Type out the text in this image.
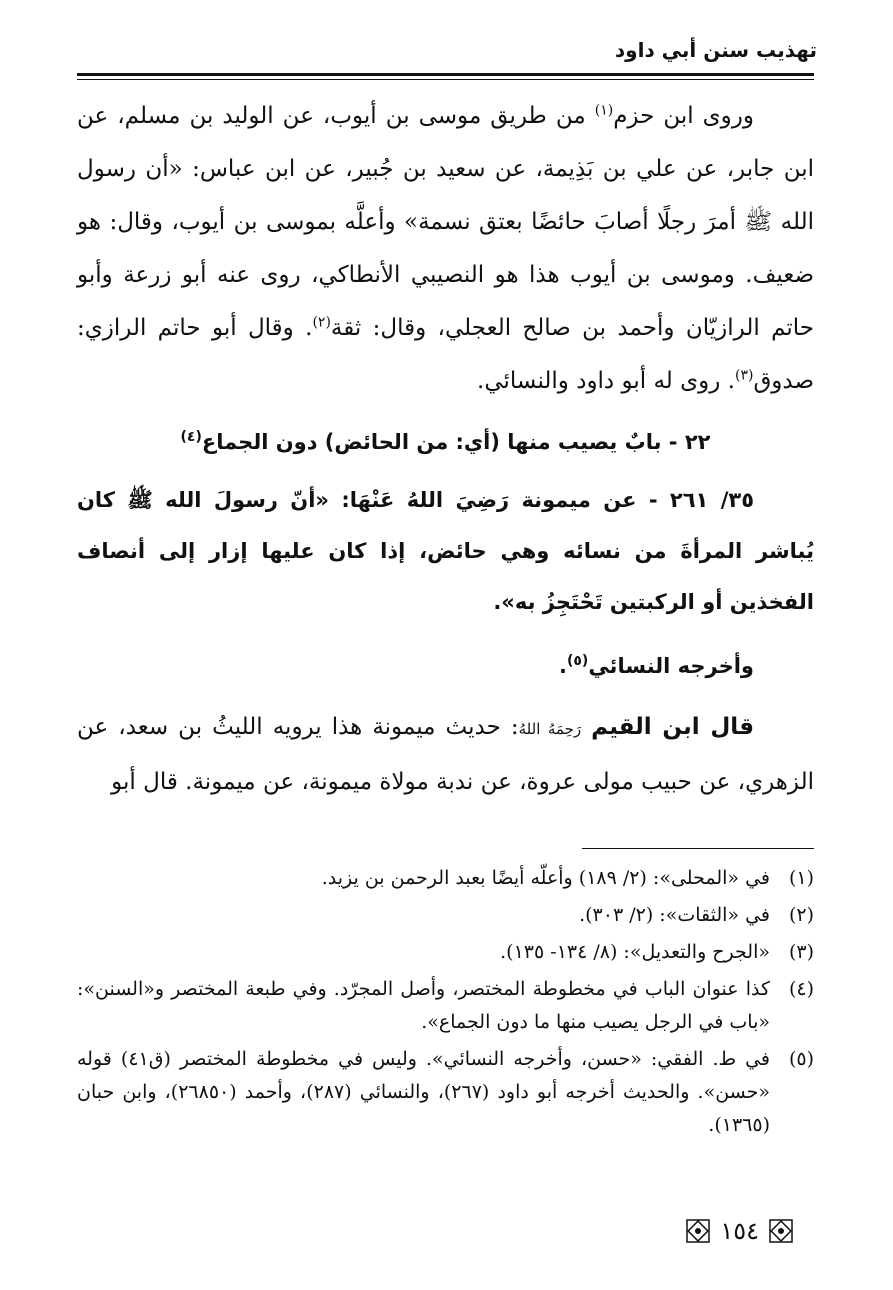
تهذيب سنن أبي داود

وروى ابن حزم$^{(١)}$ من طريق موسى بن أيوب، عن الوليد بن مسلم، عن ابن جابر، عن علي بن بَذِيمة، عن سعيد بن جُبير، عن ابن عباس: «أن رسول الله ﷺ أمرَ رجلًا أصابَ حائضًا بعتق نسمة» وأعلَّه بموسى بن أيوب، وقال: هو ضعيف. وموسى بن أيوب هذا هو النصيبي الأنطاكي، روى عنه أبو زرعة وأبو حاتم الرازيّان وأحمد بن صالح العجلي، وقال: ثقة$^{(٢)}$. وقال أبو حاتم الرازي: صدوق$^{(٣)}$. روى له أبو داود والنسائي.

٢٢ - بابٌ يصيب منها (أي: من الحائض) دون الجماع$^{(٤)}$

٣٥/ ٢٦١ - عن ميمونة رَضِيَ اللهُ عَنْهَا: «أنّ رسولَ الله ﷺ كان يُباشر المرأةَ من نسائه وهي حائض، إذا كان عليها إزار إلى أنصاف الفخذين أو الركبتين تَحْتَجِزُ به».

وأخرجه النسائي$^{(٥)}$.

قال ابن القيم رَحِمَهُ اللهُ: حديث ميمونة هذا يرويه الليثُ بن سعد، عن الزهري، عن حبيب مولى عروة، عن ندبة مولاة ميمونة، عن ميمونة. قال أبو

(١)
في «المحلى»: (٢/ ١٨٩) وأعلّه أيضًا بعبد الرحمن بن يزيد.
(٢)
في «الثقات»: (٢/ ٣٠٣).
(٣)
«الجرح والتعديل»: (٨/ ١٣٤- ١٣٥).
(٤)
كذا عنوان الباب في مخطوطة المختصر، وأصل المجرّد. وفي طبعة المختصر و«السنن»: «باب في الرجل يصيب منها ما دون الجماع».
(٥)
في ط. الفقي: «حسن، وأخرجه النسائي». وليس في مخطوطة المختصر (ق٤١) قوله «حسن». والحديث أخرجه أبو داود (٢٦٧)، والنسائي (٢٨٧)، وأحمد (٢٦٨٥٠)، وابن حبان (١٣٦٥).
١٥٤
